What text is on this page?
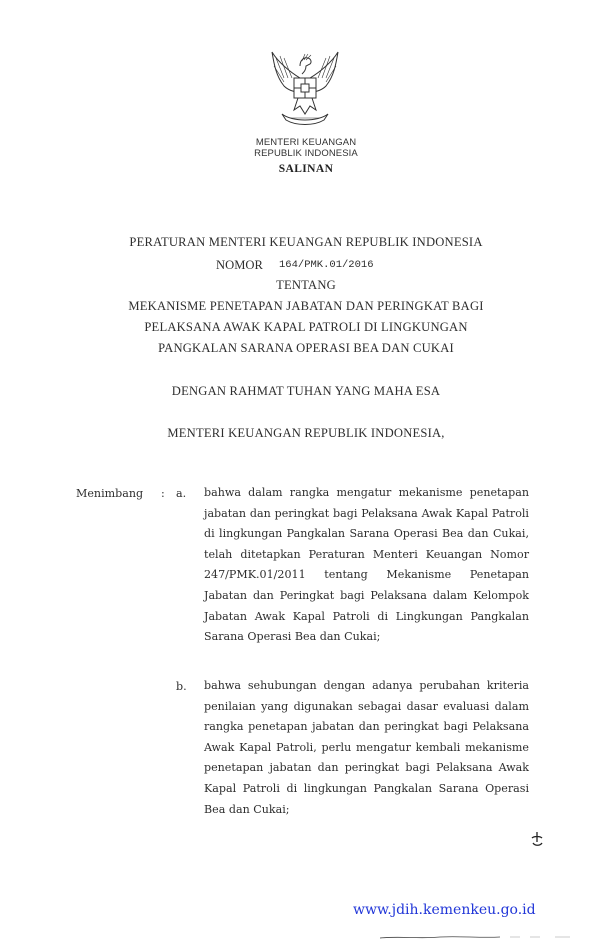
MENTERI KEUANGAN
REPUBLIK INDONESIA
SALINAN
PERATURAN MENTERI KEUANGAN REPUBLIK INDONESIA
NOMOR 164/PMK.01/2016
TENTANG
MEKANISME PENETAPAN JABATAN DAN PERINGKAT BAGI
PELAKSANA AWAK KAPAL PATROLI DI LINGKUNGAN
PANGKALAN SARANA OPERASI BEA DAN CUKAI
DENGAN RAHMAT TUHAN YANG MAHA ESA
MENTERI KEUANGAN REPUBLIK INDONESIA,
Menimbang : a. bahwa dalam rangka mengatur mekanisme penetapan jabatan dan peringkat bagi Pelaksana Awak Kapal Patroli di lingkungan Pangkalan Sarana Operasi Bea dan Cukai, telah ditetapkan Peraturan Menteri Keuangan Nomor 247/PMK.01/2011 tentang Mekanisme Penetapan Jabatan dan Peringkat bagi Pelaksana dalam Kelompok Jabatan Awak Kapal Patroli di Lingkungan Pangkalan Sarana Operasi Bea dan Cukai;
b. bahwa sehubungan dengan adanya perubahan kriteria penilaian yang digunakan sebagai dasar evaluasi dalam rangka penetapan jabatan dan peringkat bagi Pelaksana Awak Kapal Patroli, perlu mengatur kembali mekanisme penetapan jabatan dan peringkat bagi Pelaksana Awak Kapal Patroli di lingkungan Pangkalan Sarana Operasi Bea dan Cukai;
www.jdih.kemenkeu.go.id
